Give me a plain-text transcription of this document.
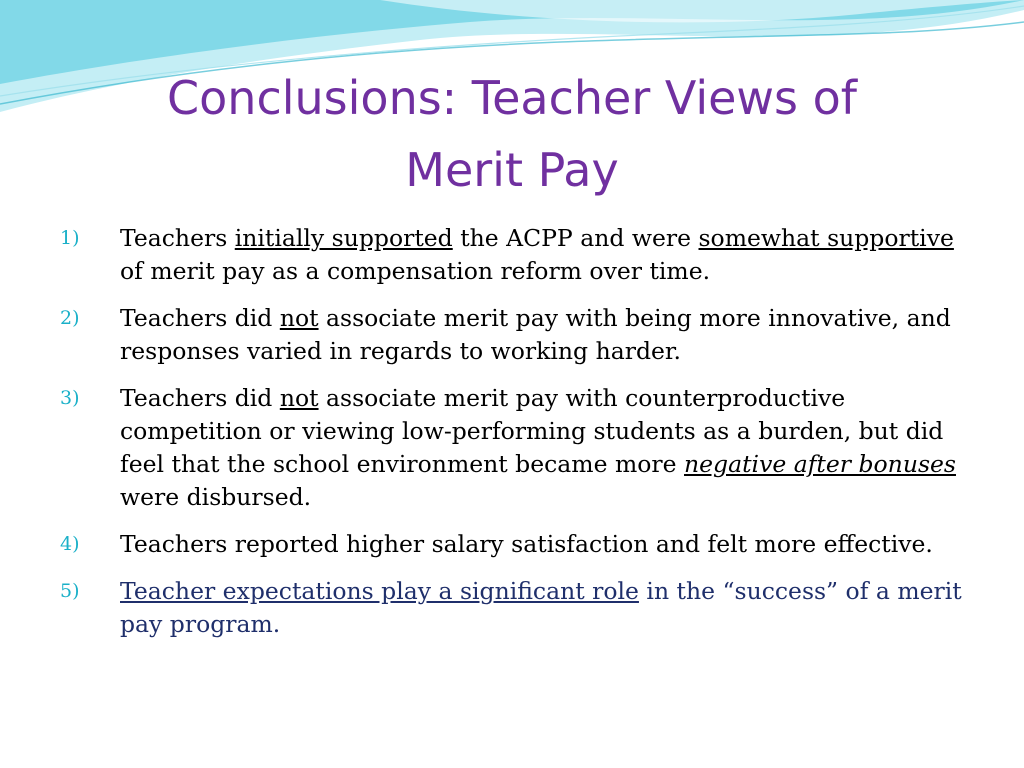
Conclusions: Teacher Views of
Merit Pay
1) Teachers initially supported the ACPP and were somewhat supportive of merit pay as a compensation reform over time.
2) Teachers did not associate merit pay with being more innovative, and responses varied in regards to working harder.
3) Teachers did not associate merit pay with counterproductive competition or viewing low-performing students as a burden, but did feel that the school environment became more negative after bonuses were disbursed.
4) Teachers reported higher salary satisfaction and felt more effective.
5) Teacher expectations play a significant role in the “success” of a merit pay program.
